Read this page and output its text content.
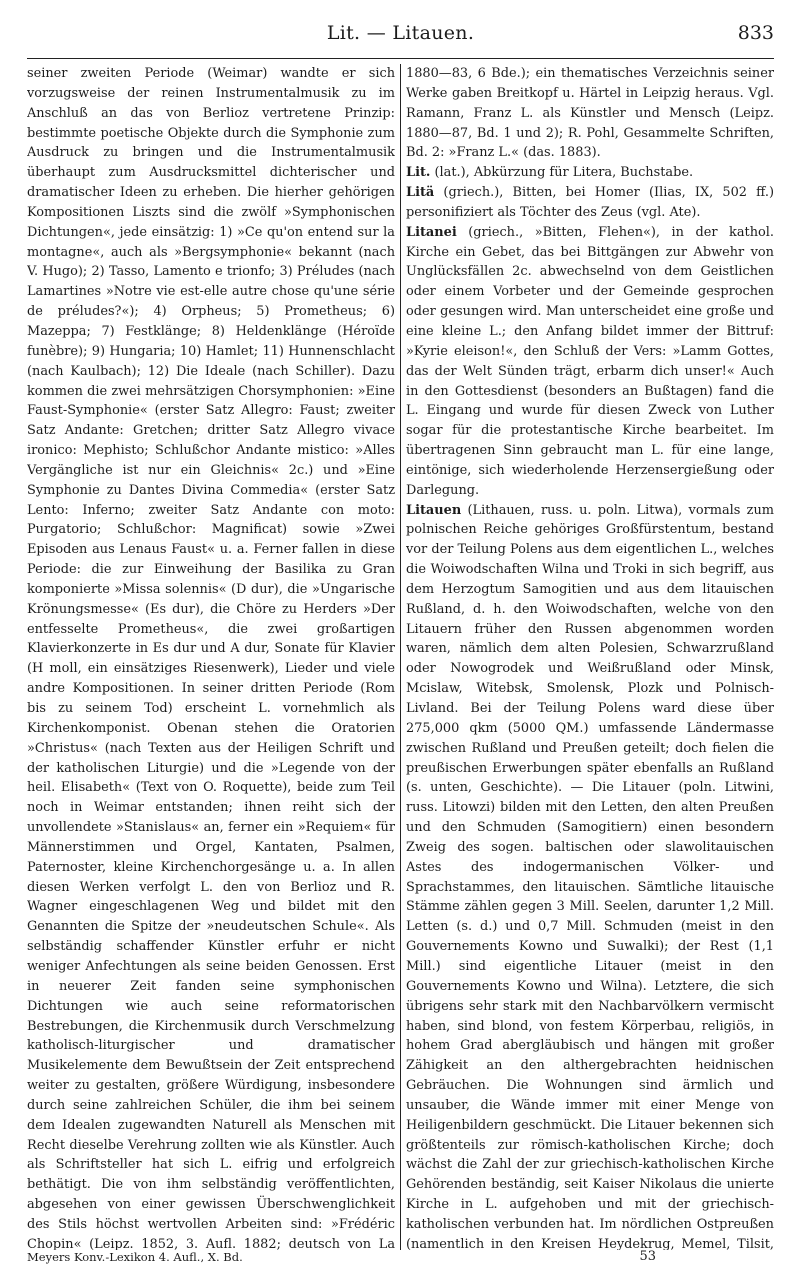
Lit. — Litauen.	833

seiner zweiten Periode (Weimar) wandte er sich vorzugsweise der reinen Instrumentalmusik zu im Anschluß an das von Berlioz vertretene Prinzip: bestimmte poetische Objekte durch die Symphonie zum Ausdruck zu bringen und die Instrumentalmusik überhaupt zum Ausdrucksmittel dichterischer und dramatischer Ideen zu erheben. Die hierher gehörigen Kompositionen Liszts sind die zwölf »Symphonischen Dichtungen«, jede einsätzig: 1) »Ce qu'on entend sur la montagne«, auch als »Bergsymphonie« bekannt (nach V. Hugo); 2) Tasso, Lamento e trionfo; 3) Préludes (nach Lamartines »Notre vie est-elle autre chose qu'une série de préludes?«); 4) Orpheus; 5) Prometheus; 6) Mazeppa; 7) Festklänge; 8) Heldenklänge (Héroïde funèbre); 9) Hungaria; 10) Hamlet; 11) Hunnenschlacht (nach Kaulbach); 12) Die Ideale (nach Schiller). Dazu kommen die zwei mehrsätzigen Chorsymphonien: »Eine Faust-Symphonie« (erster Satz Allegro: Faust; zweiter Satz Andante: Gretchen; dritter Satz Allegro vivace ironico: Mephisto; Schlußchor Andante mistico: »Alles Vergängliche ist nur ein Gleichnis« 2c.) und »Eine Symphonie zu Dantes Divina Commedia« (erster Satz Lento: Inferno; zweiter Satz Andante con moto: Purgatorio; Schlußchor: Magnificat) sowie »Zwei Episoden aus Lenaus Faust« u. a. Ferner fallen in diese Periode: die zur Einweihung der Basilika zu Gran komponierte »Missa solennis« (D dur), die »Ungarische Krönungsmesse« (Es dur), die Chöre zu Herders »Der entfesselte Prometheus«, die zwei großartigen Klavierkonzerte in Es dur und A dur, Sonate für Klavier (H moll, ein einsätziges Riesenwerk), Lieder und viele andre Kompositionen. In seiner dritten Periode (Rom bis zu seinem Tod) erscheint L. vornehmlich als Kirchenkomponist. Obenan stehen die Oratorien »Christus« (nach Texten aus der Heiligen Schrift und der katholischen Liturgie) und die »Legende von der heil. Elisabeth« (Text von O. Roquette), beide zum Teil noch in Weimar entstanden; ihnen reiht sich der unvollendete »Stanislaus« an, ferner ein »Requiem« für Männerstimmen und Orgel, Kantaten, Psalmen, Paternoster, kleine Kirchenchorgesänge u. a. In allen diesen Werken verfolgt L. den von Berlioz und R. Wagner eingeschlagenen Weg und bildet mit den Genannten die Spitze der »neudeutschen Schule«. Als selbständig schaffender Künstler erfuhr er nicht weniger Anfechtungen als seine beiden Genossen. Erst in neuerer Zeit fanden seine symphonischen Dichtungen wie auch seine reformatorischen Bestrebungen, die Kirchenmusik durch Verschmelzung katholisch-liturgischer und dramatischer Musikelemente dem Bewußtsein der Zeit entsprechend weiter zu gestalten, größere Würdigung, insbesondere durch seine zahlreichen Schüler, die ihm bei seinem dem Idealen zugewandten Naturell als Menschen mit Recht dieselbe Verehrung zollten wie als Künstler. Auch als Schriftsteller hat sich L. eifrig und erfolgreich bethätigt. Die von ihm selbständig veröffentlichten, abgesehen von einer gewissen Überschwenglichkeit des Stils höchst wertvollen Arbeiten sind: »Frédéric Chopin« (Leipz. 1852, 3. Aufl. 1882; deutsch von La

1880—83, 6 Bde.); ein thematisches Verzeichnis seiner Werke gaben Breitkopf u. Härtel in Leipzig heraus. Vgl. Ramann, Franz L. als Künstler und Mensch (Leipz. 1880—87, Bd. 1 und 2); R. Pohl, Gesammelte Schriften, Bd. 2: »Franz L.« (das. 1883).

Lit. (lat.), Abkürzung für Litera, Buchstabe.

Litä (griech.), Bitten, bei Homer (Ilias, IX, 502 ff.) personifiziert als Töchter des Zeus (vgl. Ate).

Litanei (griech., »Bitten, Flehen«), in der kathol. Kirche ein Gebet, das bei Bittgängen zur Abwehr von Unglücksfällen 2c. abwechselnd von dem Geistlichen oder einem Vorbeter und der Gemeinde gesprochen oder gesungen wird. Man unterscheidet eine große und eine kleine L.; den Anfang bildet immer der Bittruf: »Kyrie eleison!«, den Schluß der Vers: »Lamm Gottes, das der Welt Sünden trägt, erbarm dich unser!« Auch in den Gottesdienst (besonders an Bußtagen) fand die L. Eingang und wurde für diesen Zweck von Luther sogar für die protestantische Kirche bearbeitet. Im übertragenen Sinn gebraucht man L. für eine lange, eintönige, sich wiederholende Herzensergießung oder Darlegung.

Litauen (Lithauen, russ. u. poln. Litwa), vormals zum polnischen Reiche gehöriges Großfürstentum, bestand vor der Teilung Polens aus dem eigentlichen L., welches die Woiwodschaften Wilna und Troki in sich begriff, aus dem Herzogtum Samogitien und aus dem litauischen Rußland, d. h. den Woiwodschaften, welche von den Litauern früher den Russen abgenommen worden waren, nämlich dem alten Polesien, Schwarzrußland oder Nowogrodek und Weißrußland oder Minsk, Mcislaw, Witebsk, Smolensk, Plozk und Polnisch-Livland. Bei der Teilung Polens ward diese über 275,000 qkm (5000 QM.) umfassende Ländermasse zwischen Rußland und Preußen geteilt; doch fielen die preußischen Erwerbungen später ebenfalls an Rußland (s. unten, Geschichte). — Die Litauer (poln. Litwini, russ. Litowzi) bilden mit den Letten, den alten Preußen und den Schmuden (Samogitiern) einen besondern Zweig des sogen. baltischen oder slawolitauischen Astes des indogermanischen Völker- und Sprachstammes, den litauischen. Sämtliche litauische Stämme zählen gegen 3 Mill. Seelen, darunter 1,2 Mill. Letten (s. d.) und 0,7 Mill. Schmuden (meist in den Gouvernements Kowno und Suwalki); der Rest (1,1 Mill.) sind eigentliche Litauer (meist in den Gouvernements Kowno und Wilna). Letztere, die sich übrigens sehr stark mit den Nachbarvölkern vermischt haben, sind blond, von festem Körperbau, religiös, in hohem Grad abergläubisch und hängen mit großer Zähigkeit an den althergebrachten heidnischen Gebräuchen. Die Wohnungen sind ärmlich und unsauber, die Wände immer mit einer Menge von Heiligenbildern geschmückt. Die Litauer bekennen sich größtenteils zur römisch-katholischen Kirche; doch wächst die Zahl der zur griechisch-katholischen Kirche Gehörenden beständig, seit Kaiser Nikolaus die unierte Kirche in L. aufgehoben und mit der griechisch-katholischen verbunden hat. Im nördlichen Ostpreußen (namentlich in den Kreisen Heydekrug, Memel, Tilsit,

Meyers Konv.-Lexikon 4. Aufl., X. Bd.	53
